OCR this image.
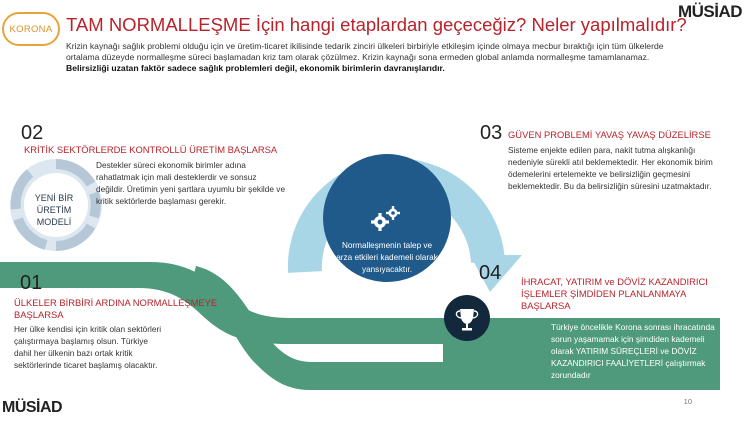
KORONA TAM NORMALLEŞME İçin hangi etaplardan geçeceğiz? Neler yapılmalıdır?
MÜSİAD
Krizin kaynağı sağlık problemi olduğu için ve üretim-ticaret ikilisinde tedarik zinciri ülkeleri birbiriyle etkileşim içinde olmaya mecbur bıraktığı için tüm ülkelerde ortalama düzeyde normalleşme süreci başlamadan kriz tam olarak çözülmez. Krizin kaynağı sona ermeden global anlamda normalleşme tamamlanamaz. Belirsizliği uzatan faktör sadece sağlık problemleri değil, ekonomik birimlerin davranışlarıdır.
YENİ BİR ÜRETİM MODELİ
Normalleşmenin talep ve arza etkileri kademeli olarak yansıyacaktır.
02
KRİTİK SEKTÖRLERDE KONTROLLÜ ÜRETİM BAŞLARSA
Destekler süreci ekonomik birimler adına rahatlatmak için mali desteklerdir ve sonsuz değildir. Üretimin yeni şartlara uyumlu bir şekilde ve kritik sektörlerde başlaması gerekir.
03 GÜVEN PROBLEMİ YAVAŞ YAVAŞ DÜZELİRSE
Sisteme enjekte edilen para, nakit tutma alışkanlığı nedeniyle sürekli atıl beklemektedir. Her ekonomik birim ödemelerini ertelemekte ve belirsizliğin geçmesini beklemektedir. Bu da belirsizliğin süresini uzatmaktadır.
01
ÜLKELER BİRBİRİ ARDINA NORMALLEŞMEYE BAŞLARSA
Her ülke kendisi için kritik olan sektörleri çalıştırmaya başlamış olsun. Türkiye dahil her ülkenin bazı ortak kritik sektörlerinde ticaret başlamış olacaktır.
04 İHRACAT, YATIRIM ve DÖVİZ KAZANDIRICI İŞLEMLER ŞİMDİDEN PLANLANMAYA BAŞLARSA
Türkiye öncelikle Korona sonrası ihracatında sorun yaşamamak için şimdiden kademeli olarak YATIRIM SÜREÇLERİ ve DÖVİZ KAZANDIRICI FAALİYETLERİ çalıştırmak zorundadır
10
MÜSİAD
